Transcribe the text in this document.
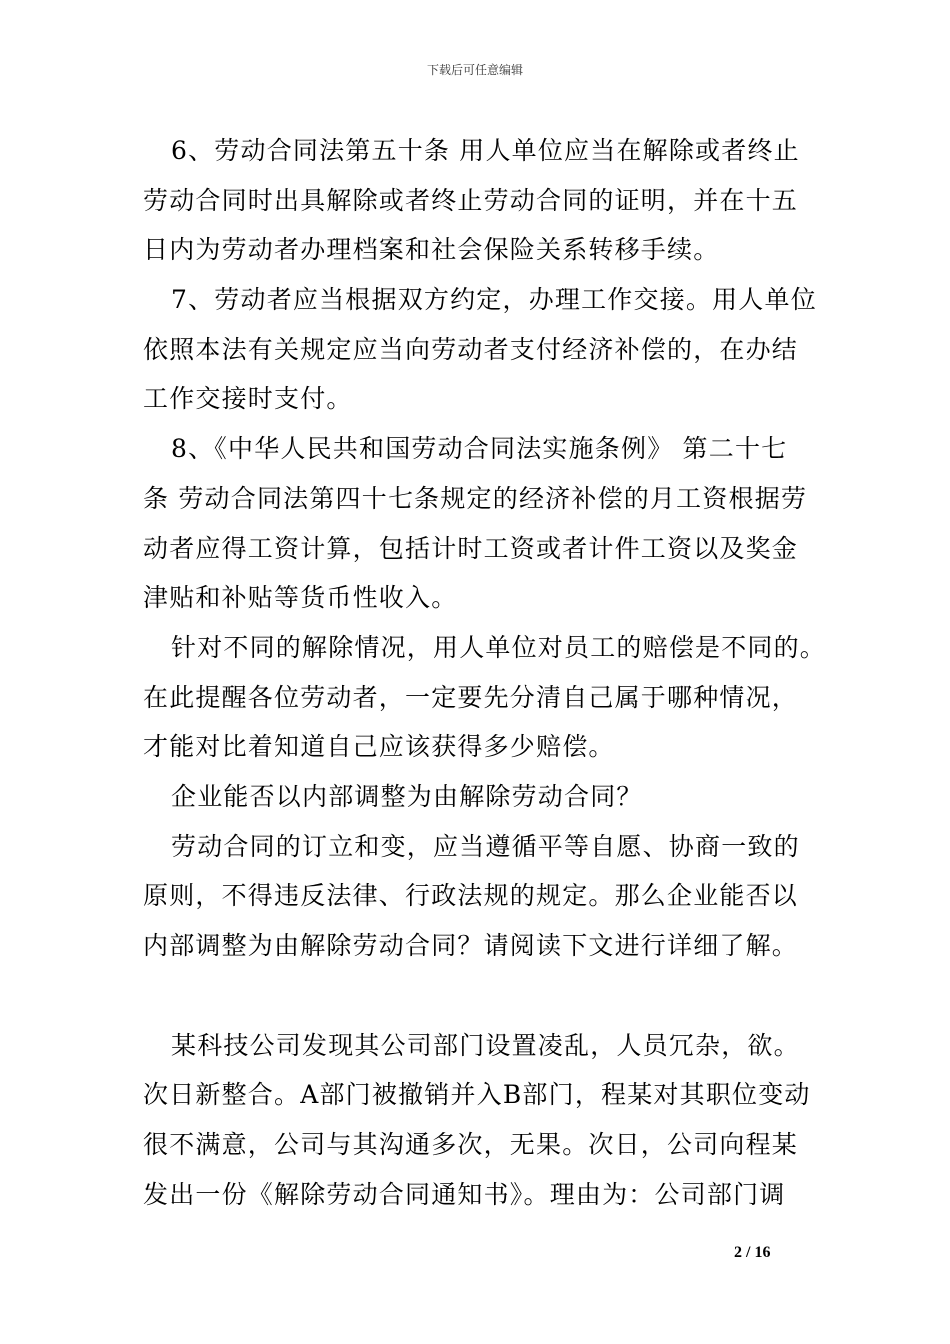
下载后可任意编辑
6、劳动合同法第五十条 用人单位应当在解除或者终止
劳动合同时出具解除或者终止劳动合同的证明，并在十五
日内为劳动者办理档案和社会保险关系转移手续。
7、劳动者应当根据双方约定，办理工作交接。用人单位
依照本法有关规定应当向劳动者支付经济补偿的，在办结
工作交接时支付。
8、《中华人民共和国劳动合同法实施条例》 第二十七
条 劳动合同法第四十七条规定的经济补偿的月工资根据劳
动者应得工资计算，包括计时工资或者计件工资以及奖金
津贴和补贴等货币性收入。
针对不同的解除情况，用人单位对员工的赔偿是不同的。
在此提醒各位劳动者，一定要先分清自己属于哪种情况，
才能对比着知道自己应该获得多少赔偿。
企业能否以内部调整为由解除劳动合同？
劳动合同的订立和变，应当遵循平等自愿、协商一致的
原则，不得违反法律、行政法规的规定。那么企业能否以
内部调整为由解除劳动合同？请阅读下文进行详细了解。
某科技公司发现其公司部门设置凌乱，人员冗杂，欲。
次日新整合。A部门被撤销并入B部门，程某对其职位变动
很不满意，公司与其沟通多次，无果。次日，公司向程某
发出一份《解除劳动合同通知书》。理由为：公司部门调
2 / 16
